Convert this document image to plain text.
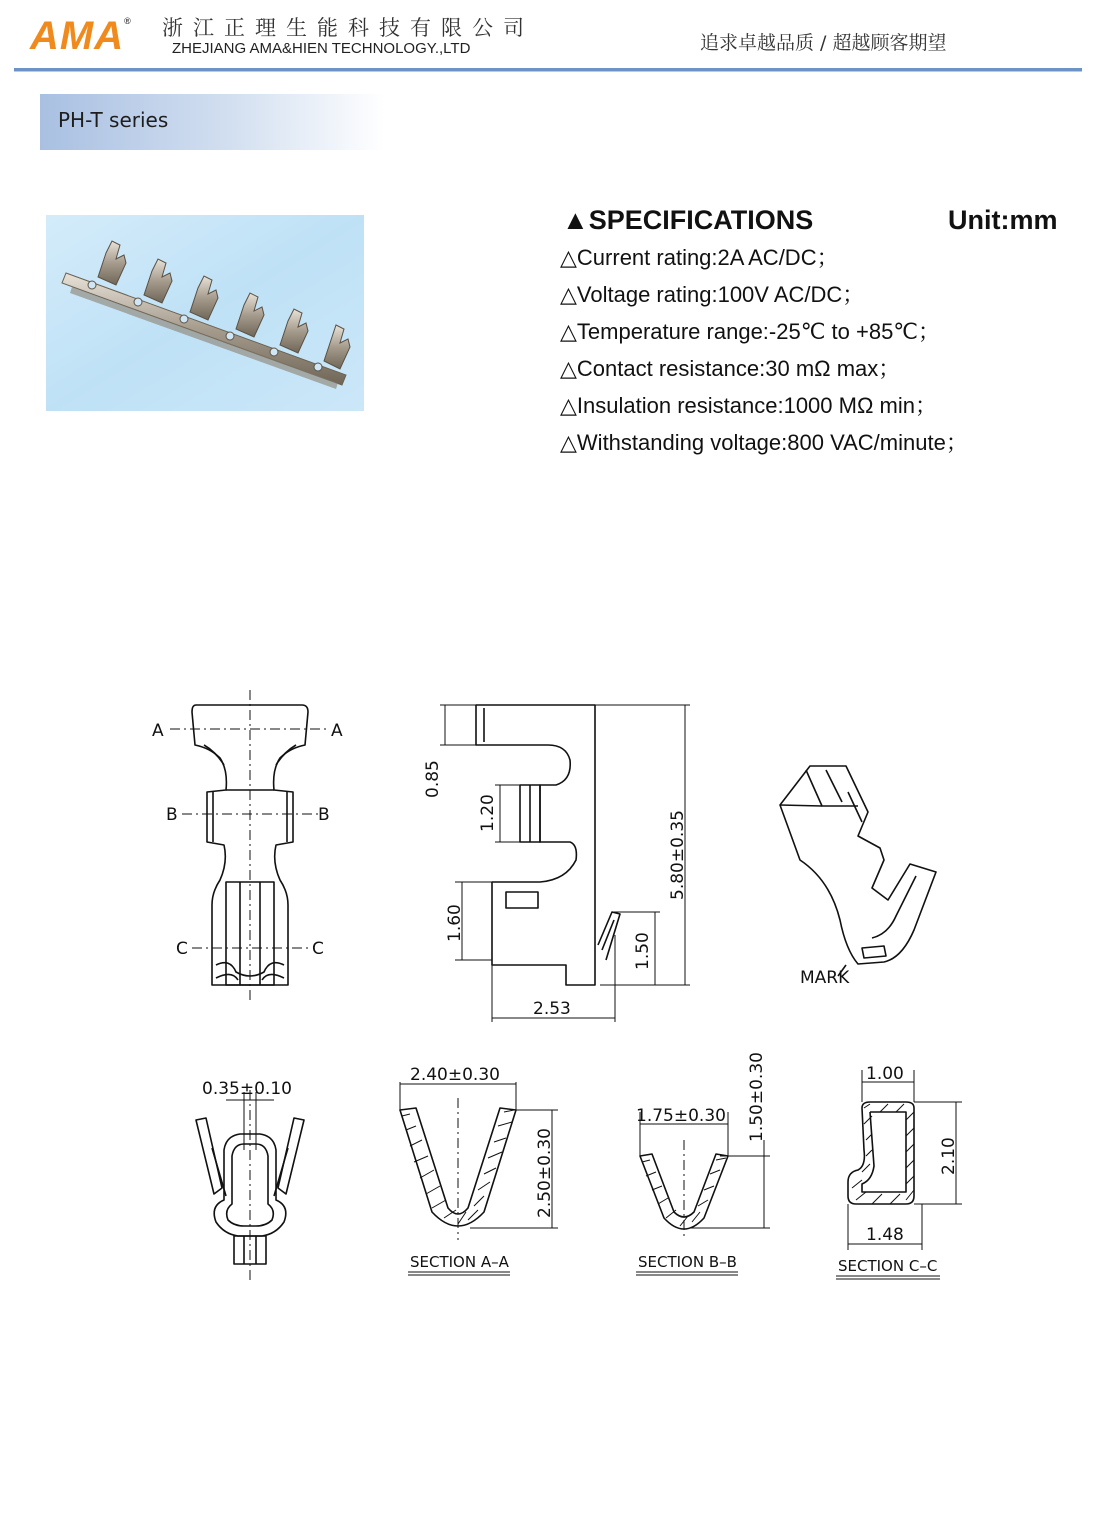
AMA® 浙江正理生能科技有限公司
ZHEJIANG AMA&HIEN TECHNOLOGY.,LTD	追求卓越品质 / 超越顾客期望
PH-T series
▲SPECIFICATIONS	Unit:mm
△Current rating:2A AC/DC；
△Voltage rating:100V AC/DC；
△Temperature range:-25℃ to +85℃；
△Contact resistance:30 mΩ max；
△Insulation resistance:1000 MΩ min；
△Withstanding voltage:800 VAC/minute；
A	A
B	B
C	C
0.85
1.20
1.60
1.50
5.80±0.35
2.53
MARK
0.35±0.10
2.40±0.30
2.50±0.30
SECTION A–A
1.75±0.30 1.50±0.30
SECTION B–B
1.00
2.10
1.48
SECTION C–C
